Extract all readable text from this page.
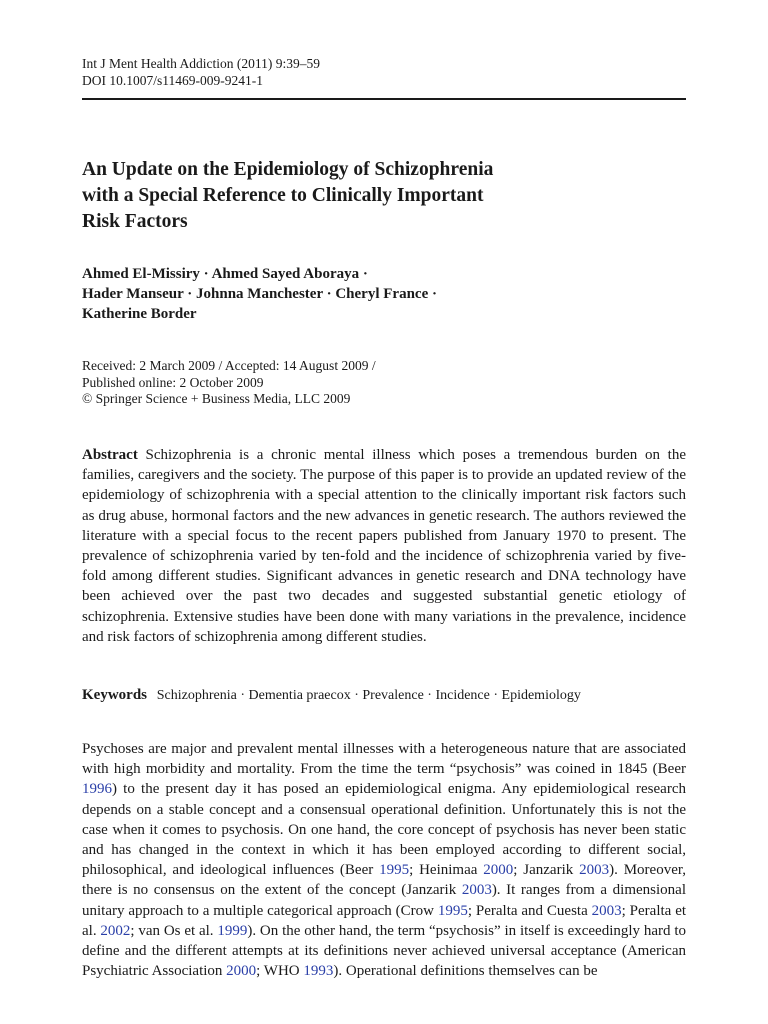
Int J Ment Health Addiction (2011) 9:39–59
DOI 10.1007/s11469-009-9241-1
An Update on the Epidemiology of Schizophrenia
with a Special Reference to Clinically Important
Risk Factors
Ahmed El-Missiry · Ahmed Sayed Aboraya ·
Hader Manseur · Johnna Manchester · Cheryl France ·
Katherine Border
Received: 2 March 2009 / Accepted: 14 August 2009 /
Published online: 2 October 2009
© Springer Science + Business Media, LLC 2009
Abstract Schizophrenia is a chronic mental illness which poses a tremendous burden on the families, caregivers and the society. The purpose of this paper is to provide an updated review of the epidemiology of schizophrenia with a special attention to the clinically important risk factors such as drug abuse, hormonal factors and the new advances in genetic research. The authors reviewed the literature with a special focus to the recent papers published from January 1970 to present. The prevalence of schizophrenia varied by ten-fold and the incidence of schizophrenia varied by five-fold among different studies. Significant advances in genetic research and DNA technology have been achieved over the past two decades and suggested substantial genetic etiology of schizophrenia. Extensive studies have been done with many variations in the prevalence, incidence and risk factors of schizophrenia among different studies.
Keywords Schizophrenia · Dementia praecox · Prevalence · Incidence · Epidemiology
Psychoses are major and prevalent mental illnesses with a heterogeneous nature that are associated with high morbidity and mortality. From the time the term “psychosis” was coined in 1845 (Beer 1996) to the present day it has posed an epidemiological enigma. Any epidemiological research depends on a stable concept and a consensual operational definition. Unfortunately this is not the case when it comes to psychosis. On one hand, the core concept of psychosis has never been static and has changed in the context in which it has been employed according to different social, philosophical, and ideological influences (Beer 1995; Heinimaa 2000; Janzarik 2003). Moreover, there is no consensus on the extent of the concept (Janzarik 2003). It ranges from a dimensional unitary approach to a multiple categorical approach (Crow 1995; Peralta and Cuesta 2003; Peralta et al. 2002; van Os et al. 1999). On the other hand, the term “psychosis” in itself is exceedingly hard to define and the different attempts at its definitions never achieved universal acceptance (American Psychiatric Association 2000; WHO 1993). Operational definitions themselves can be
